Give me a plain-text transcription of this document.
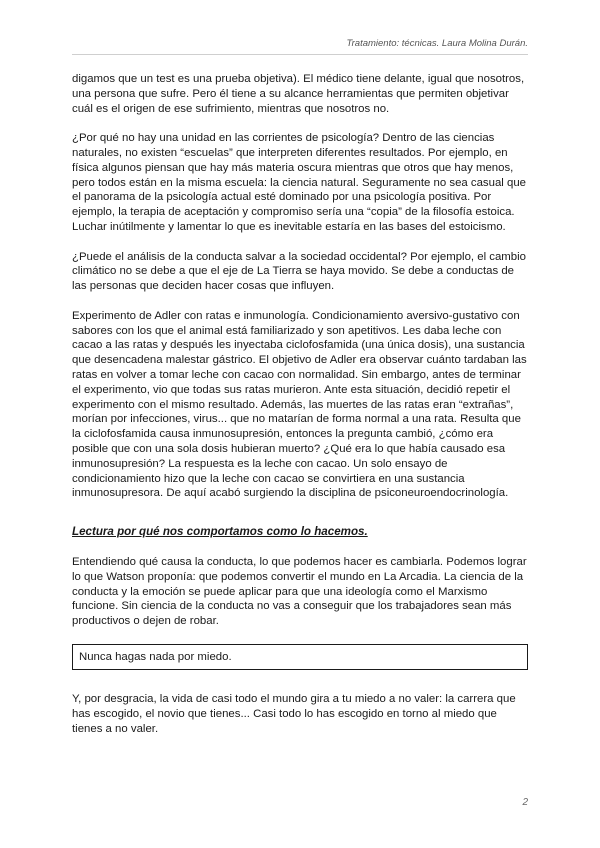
Tratamiento: técnicas. Laura Molina Durán.

digamos que un test es una prueba objetiva). El médico tiene delante, igual que nosotros, una persona que sufre. Pero él tiene a su alcance herramientas que permiten objetivar cuál es el origen de ese sufrimiento, mientras que nosotros no.

¿Por qué no hay una unidad en las corrientes de psicología? Dentro de las ciencias naturales, no existen “escuelas” que interpreten diferentes resultados. Por ejemplo, en física algunos piensan que hay más materia oscura mientras que otros que hay menos, pero todos están en la misma escuela: la ciencia natural. Seguramente no sea casual que el panorama de la psicología actual esté dominado por una psicología positiva. Por ejemplo, la terapia de aceptación y compromiso sería una “copia” de la filosofía estoica. Luchar inútilmente y lamentar lo que es inevitable estaría en las bases del estoicismo.

¿Puede el análisis de la conducta salvar a la sociedad occidental? Por ejemplo, el cambio climático no se debe a que el eje de La Tierra se haya movido. Se debe a conductas de las personas que deciden hacer cosas que influyen.

Experimento de Adler con ratas e inmunología. Condicionamiento aversivo-gustativo con sabores con los que el animal está familiarizado y son apetitivos. Les daba leche con cacao a las ratas y después les inyectaba ciclofosfamida (una única dosis), una sustancia que desencadena malestar gástrico. El objetivo de Adler era observar cuánto tardaban las ratas en volver a tomar leche con cacao con normalidad. Sin embargo, antes de terminar el experimento, vio que todas sus ratas murieron. Ante esta situación, decidió repetir el experimento con el mismo resultado. Además, las muertes de las ratas eran “extrañas”, morían por infecciones, virus... que no matarían de forma normal a una rata. Resulta que la ciclofosfamida causa inmunosupresión, entonces la pregunta cambió, ¿cómo era posible que con una sola dosis hubieran muerto? ¿Qué era lo que había causado esa inmunosupresión? La respuesta es la leche con cacao. Un solo ensayo de condicionamiento hizo que la leche con cacao se convirtiera en una sustancia inmunosupresora. De aquí acabó surgiendo la disciplina de psiconeuroendocrinología.

Lectura por qué nos comportamos como lo hacemos.

Entendiendo qué causa la conducta, lo que podemos hacer es cambiarla. Podemos lograr lo que Watson proponía: que podemos convertir el mundo en La Arcadia. La ciencia de la conducta y la emoción se puede aplicar para que una ideología como el Marxismo funcione. Sin ciencia de la conducta no vas a conseguir que los trabajadores sean más productivos o dejen de robar.

Nunca hagas nada por miedo.

Y, por desgracia, la vida de casi todo el mundo gira a tu miedo a no valer: la carrera que has escogido, el novio que tienes... Casi todo lo has escogido en torno al miedo que tienes a no valer.

2
